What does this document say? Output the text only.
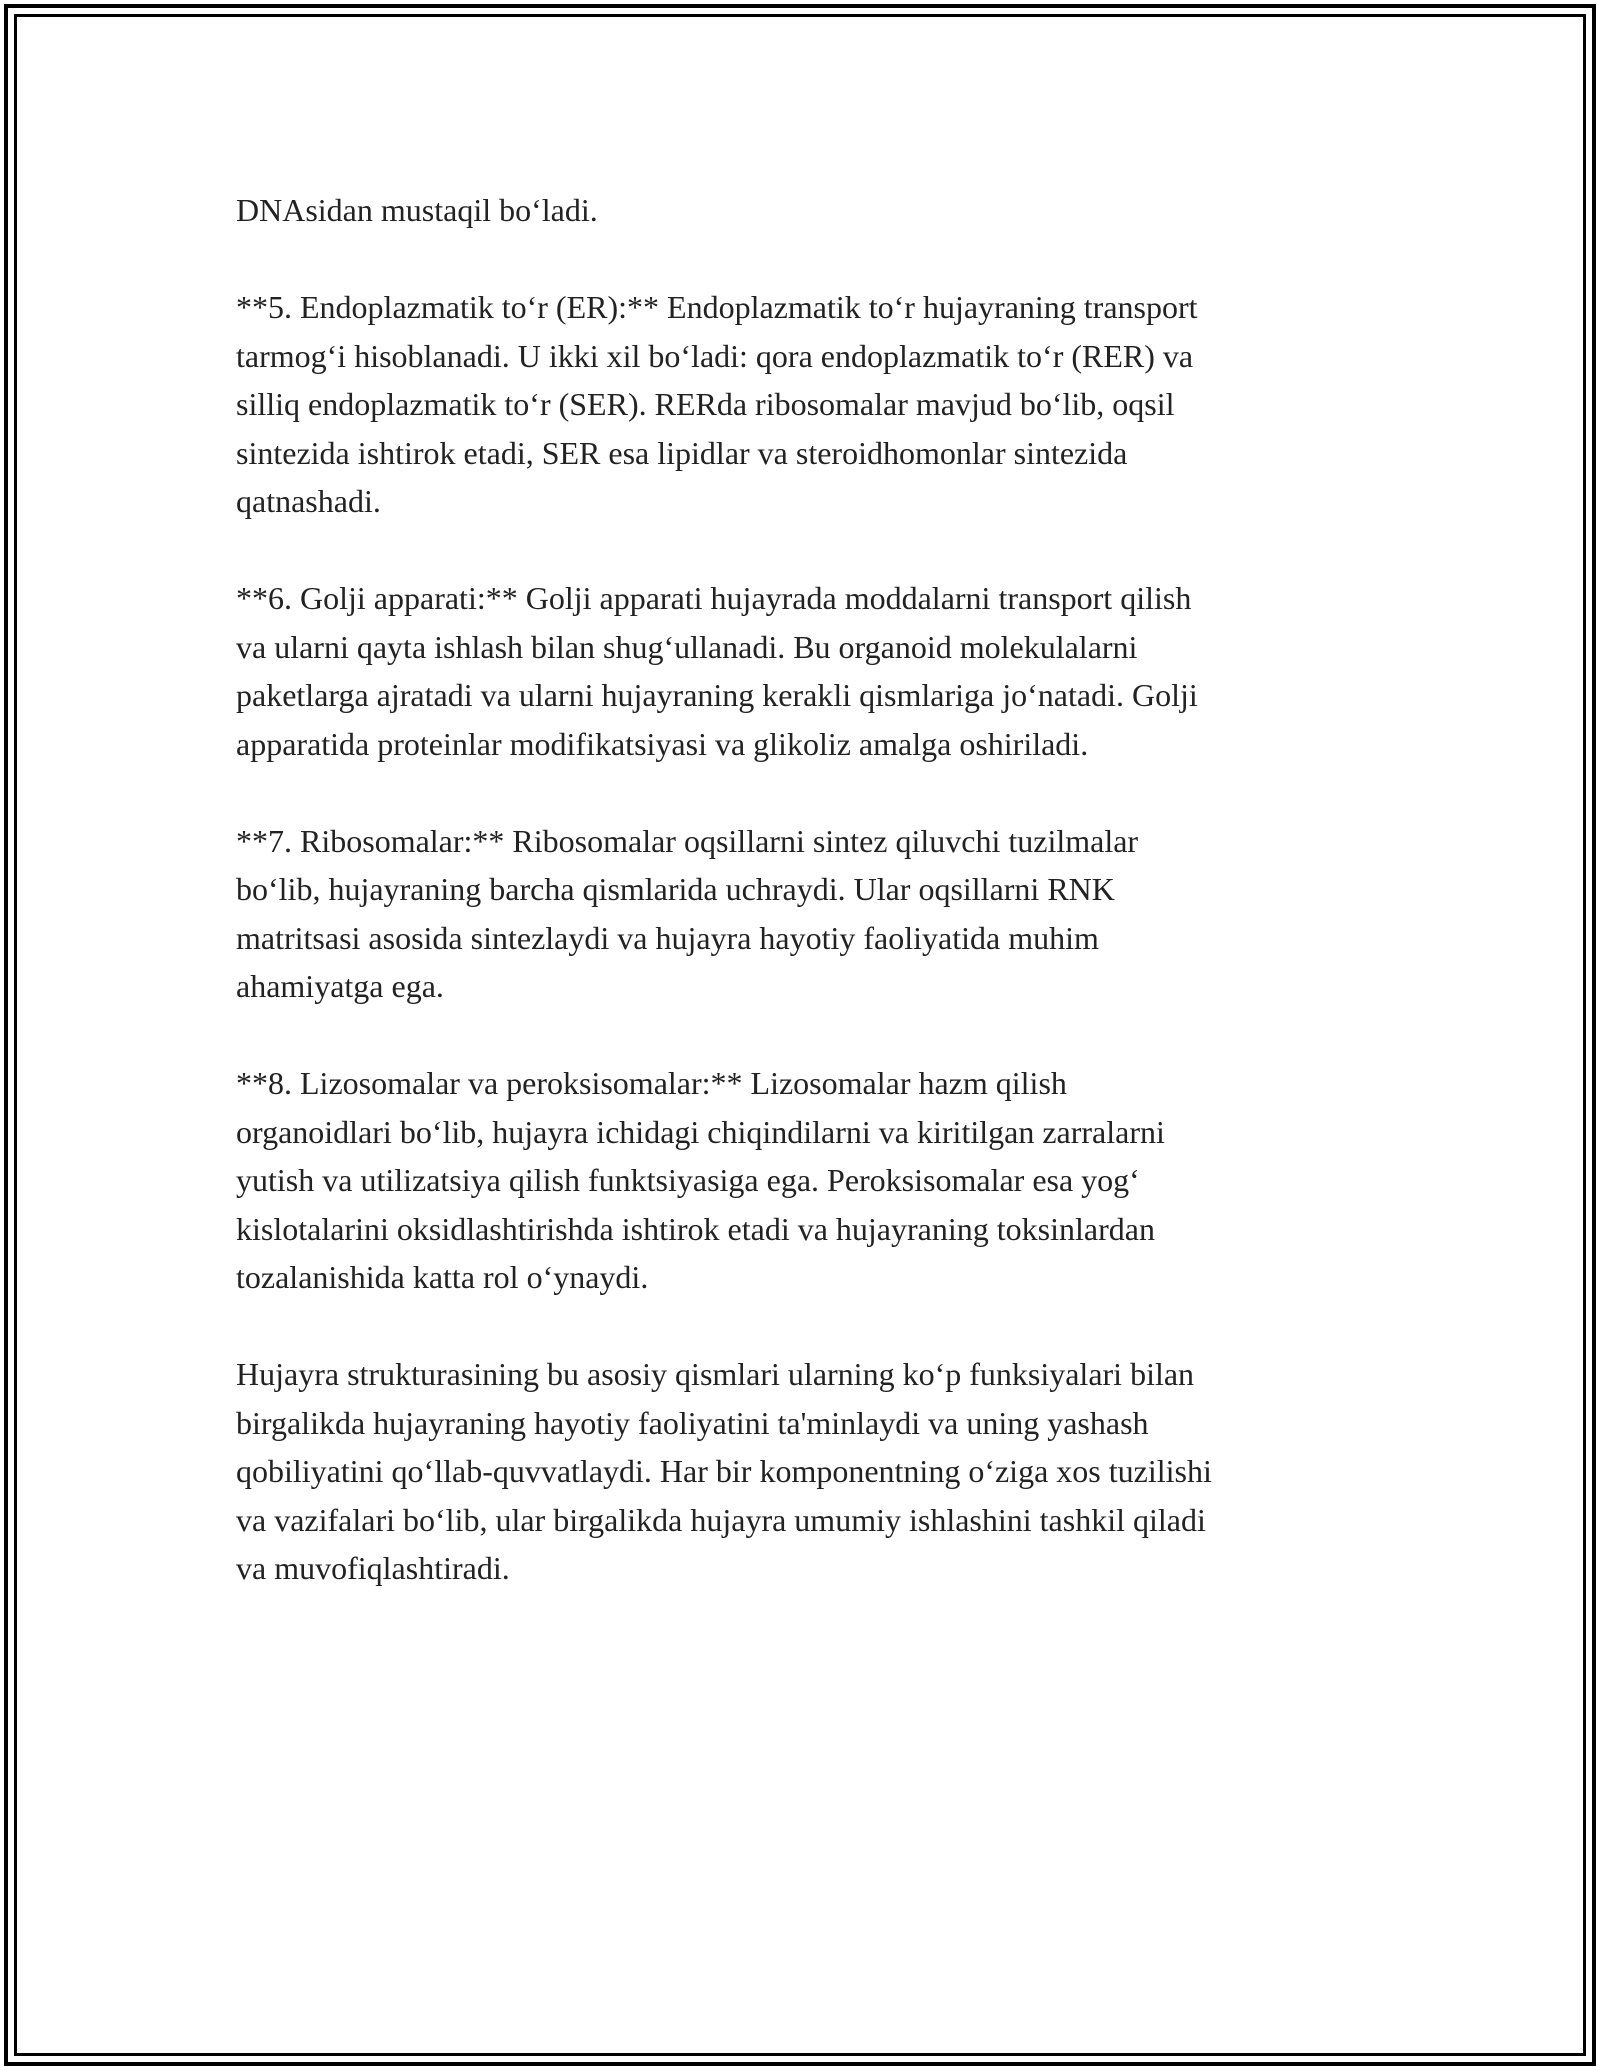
DNAsidan mustaqil bo‘ladi.

**5. Endoplazmatik to‘r (ER):** Endoplazmatik to‘r hujayraning transport
tarmog‘i hisoblanadi. U ikki xil bo‘ladi: qora endoplazmatik to‘r (RER) va
silliq endoplazmatik to‘r (SER). RERda ribosomalar mavjud bo‘lib, oqsil
sintezida ishtirok etadi, SER esa lipidlar va steroidhomonlar sintezida
qatnashadi.

**6. Golji apparati:** Golji apparati hujayrada moddalarni transport qilish
va ularni qayta ishlash bilan shug‘ullanadi. Bu organoid molekulalarni
paketlarga ajratadi va ularni hujayraning kerakli qismlariga jo‘natadi. Golji
apparatida proteinlar modifikatsiyasi va glikoliz amalga oshiriladi.

**7. Ribosomalar:** Ribosomalar oqsillarni sintez qiluvchi tuzilmalar
bo‘lib, hujayraning barcha qismlarida uchraydi. Ular oqsillarni RNK
matritsasi asosida sintezlaydi va hujayra hayotiy faoliyatida muhim
ahamiyatga ega.

**8. Lizosomalar va peroksisomalar:** Lizosomalar hazm qilish
organoidlari bo‘lib, hujayra ichidagi chiqindilarni va kiritilgan zarralarni
yutish va utilizatsiya qilish funktsiyasiga ega. Peroksisomalar esa yog‘
kislotalarini oksidlashtirishda ishtirok etadi va hujayraning toksinlardan
tozalanishida katta rol o‘ynaydi.

Hujayra strukturasining bu asosiy qismlari ularning ko‘p funksiyalari bilan
birgalikda hujayraning hayotiy faoliyatini ta'minlaydi va uning yashash
qobiliyatini qo‘llab-quvvatlaydi. Har bir komponentning o‘ziga xos tuzilishi
va vazifalari bo‘lib, ular birgalikda hujayra umumiy ishlashini tashkil qiladi
va muvofiqlashtiradi.
